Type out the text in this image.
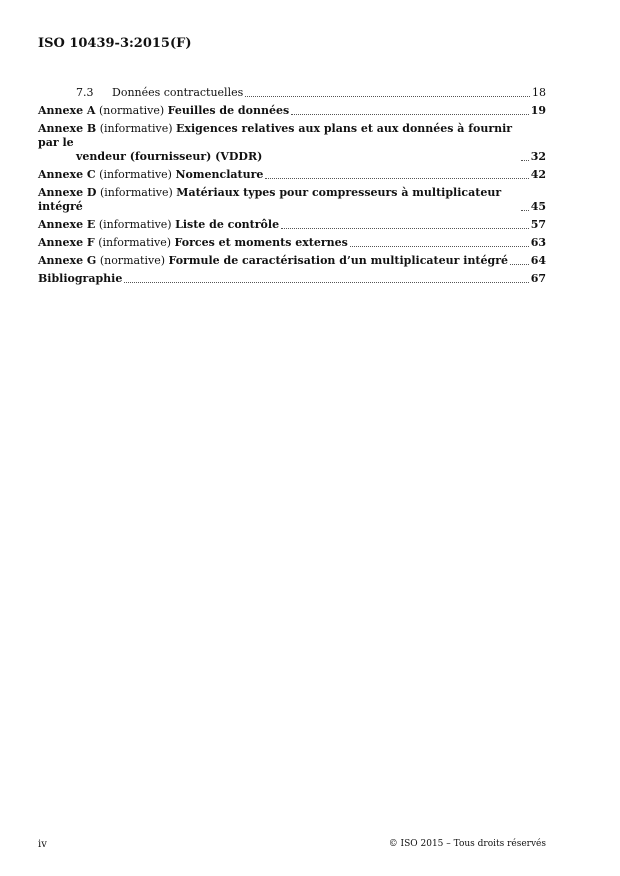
ISO 10439-3:2015(F)
7.3 Données contractuelles	18
Annexe A (normative) Feuilles de données	19
Annexe B (informative) Exigences relatives aux plans et aux données à fournir par le
vendeur (fournisseur) (VDDR)	32
Annexe C (informative) Nomenclature	42
Annexe D (informative) Matériaux types pour compresseurs à multiplicateur intégré	45
Annexe E (informative) Liste de contrôle	57
Annexe F (informative) Forces et moments externes	63
Annexe G (normative) Formule de caractérisation d’un multiplicateur intégré 64
Bibliographie	67
iv	© ISO 2015 – Tous droits réservés
